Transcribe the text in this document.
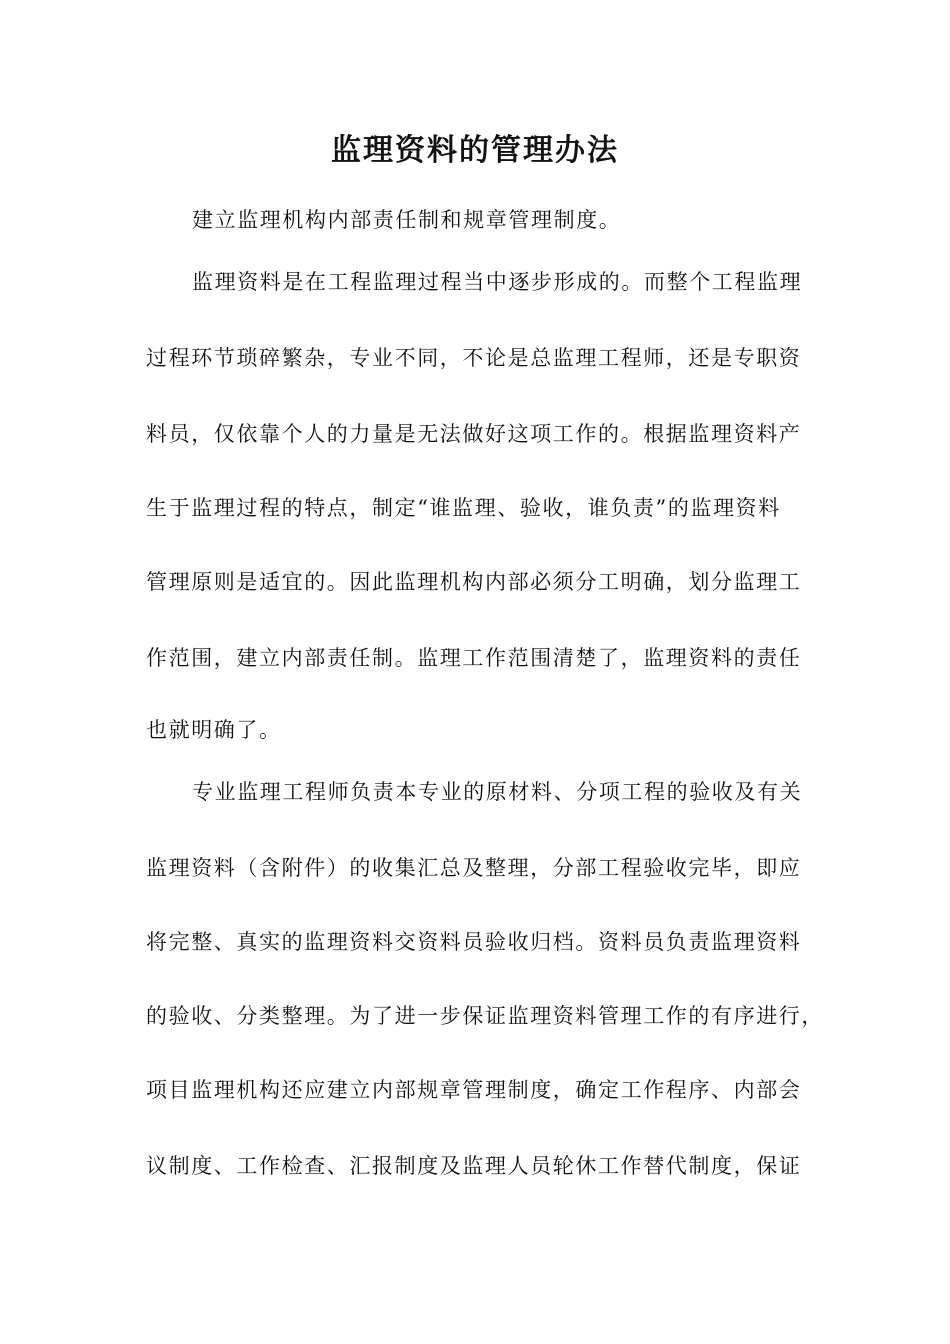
监理资料的管理办法
建立监理机构内部责任制和规章管理制度。
监理资料是在工程监理过程当中逐步形成的。而整个工程监理
过程环节琐碎繁杂，专业不同，不论是总监理工程师，还是专职资
料员，仅依靠个人的力量是无法做好这项工作的。根据监理资料产
生于监理过程的特点，制定“谁监理、验收，谁负责”的监理资料
管理原则是适宜的。因此监理机构内部必须分工明确，划分监理工
作范围，建立内部责任制。监理工作范围清楚了，监理资料的责任
也就明确了。
专业监理工程师负责本专业的原材料、分项工程的验收及有关
监理资料（含附件）的收集汇总及整理，分部工程验收完毕，即应
将完整、真实的监理资料交资料员验收归档。资料员负责监理资料
的验收、分类整理。为了进一步保证监理资料管理工作的有序进行，
项目监理机构还应建立内部规章管理制度，确定工作程序、内部会
议制度、工作检查、汇报制度及监理人员轮休工作替代制度，保证
